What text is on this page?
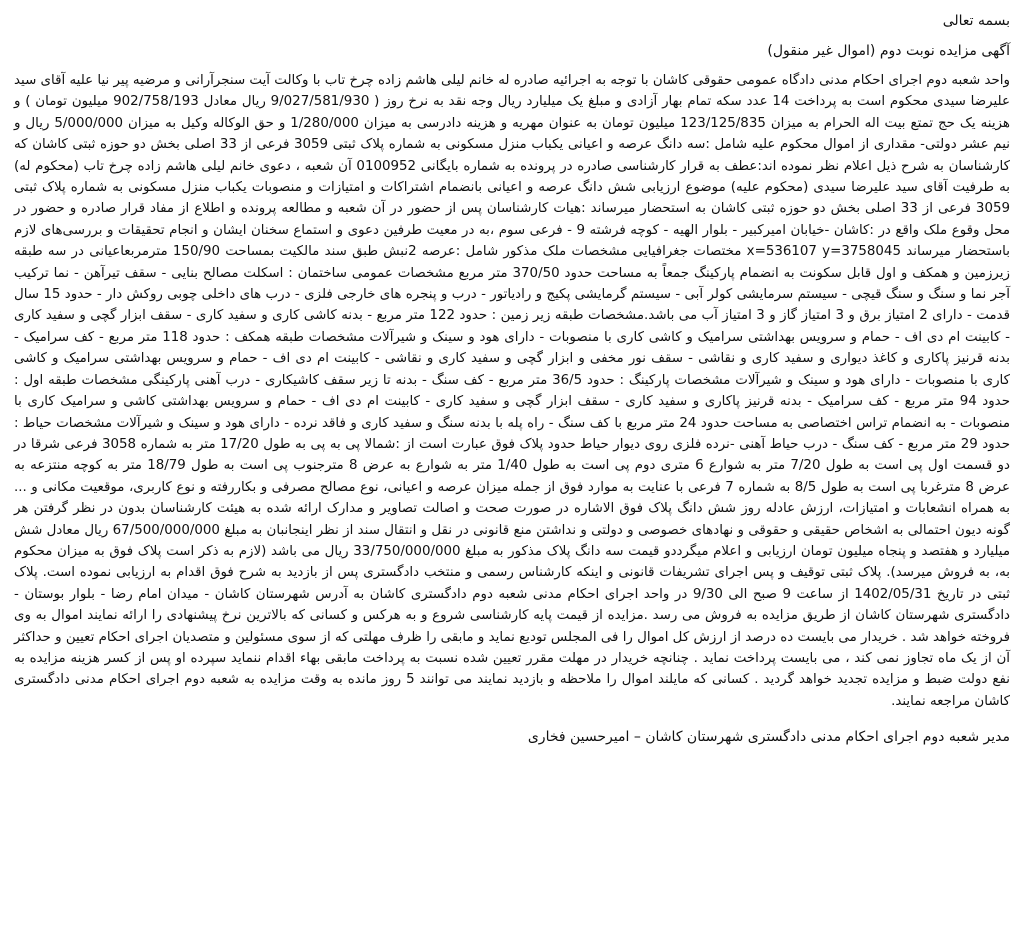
بسمه تعالی

آگهی مزایده نوبت دوم (اموال غیر منقول)

واحد شعبه دوم اجرای احکام مدنی دادگاه عمومی حقوقی کاشان با توجه به اجرائیه صادره له خانم لیلی هاشم زاده چرخ تاب با وکالت آیت سنجرآرانی و مرضیه پیر نیا علیه آقای سید علیرضا سیدی محکوم است به پرداخت 14 عدد سکه تمام بهار آزادی و مبلغ یک میلیارد ریال وجه نقد به نرخ روز ( 9/027/581/930 ریال معادل 902/758/193 میلیون تومان ) و هزینه یک حج تمتع بیت اله الحرام به میزان 123/125/835 میلیون تومان به عنوان مهریه و هزینه دادرسی به میزان 1/280/000 و حق الوکاله وکیل به میزان 5/000/000 ریال و نیم عشر دولتی- مقداری از اموال محکوم علیه شامل :سه دانگ عرصه و اعیانی یکباب منزل مسکونی به شماره پلاک ثبتی 3059 فرعی از 33 اصلی بخش دو حوزه ثبتی کاشان که کارشناسان به شرح ذیل اعلام نظر نموده اند:عطف به قرار کارشناسی صادره در پرونده به شماره بایگانی 0100952 آن شعبه ، دعوی خانم لیلی هاشم زاده چرخ تاب (محکوم له) به طرفیت آقای سید علیرضا سیدی (محکوم علیه) موضوع ارزیابی شش دانگ عرصه و اعیانی بانضمام اشتراکات و امتیازات و منصوبات یکباب منزل مسکونی به شماره پلاک ثبتی 3059 فرعی از 33 اصلی بخش دو حوزه ثبتی کاشان به استحضار میرساند :هیات کارشناسان پس از حضور در آن شعبه و مطالعه پرونده و اطلاع از مفاد قرار صادره و حضور در محل وقوع ملک واقع در :کاشان -خیابان امیرکبیر - بلوار الهیه - کوچه فرشته 9 - فرعی سوم ،به در معیت طرفین دعوی و استماع سخنان ایشان و انجام تحقیقات و بررسی‌های لازم باستحضار میرساند x=536107 y=3758045 مختصات جغرافیایی مشخصات ملک مذکور شامل :عرصه 2نبش طبق سند مالکیت بمساحت 150/90 مترمربعاعیانی در سه طبقه زیرزمین و همکف و اول قابل سکونت به انضمام پارکینگ جمعاً به مساحت حدود 370/50 متر مربع مشخصات عمومی ساختمان : اسکلت مصالح بنایی - سقف تیرآهن - نما ترکیب آجر نما و سنگ و سنگ قیچی - سیستم سرمایشی کولر آبی - سیستم گرمایشی پکیج و رادیاتور - درب و پنجره های خارجی فلزی - درب های داخلی چوبی روکش دار - حدود 15 سال قدمت - دارای 2 امتیاز برق و 3 امتیاز گاز و 3 امتیاز آب می باشد.مشخصات طبقه زیر زمین : حدود 122 متر مربع - بدنه کاشی کاری و سفید کاری - سقف ابزار گچی و سفید کاری - کابینت ام دی اف - حمام و سرویس بهداشتی سرامیک و کاشی کاری با منصوبات - دارای هود و سینک و شیرآلات مشخصات طبقه همکف : حدود 118 متر مربع - کف سرامیک - بدنه قرنیز پاکاری و کاغذ دیواری و سفید کاری و نقاشی - سقف نور مخفی و ابزار گچی و سفید کاری و نقاشی - کابینت ام دی اف - حمام و سرویس بهداشتی سرامیک و کاشی کاری با منصوبات - دارای هود و سینک و شیرآلات مشخصات پارکینگ : حدود 36/5 متر مربع - کف سنگ - بدنه تا زیر سقف کاشیکاری - درب آهنی پارکینگی مشخصات طبقه اول : حدود 94 متر مربع - کف سرامیک - بدنه قرنیز پاکاری و سفید کاری - سقف ابزار گچی و سفید کاری - کابینت ام دی اف - حمام و سرویس بهداشتی کاشی و سرامیک کاری با منصوبات - به انضمام تراس اختصاصی به مساحت حدود 24 متر مربع با کف سنگ - راه پله با بدنه سنگ و سفید کاری و فاقد نرده - دارای هود و سینک و شیرآلات مشخصات حیاط : حدود 29 متر مربع - کف سنگ - درب حیاط آهنی -نرده فلزی روی دیوار حیاط حدود پلاک فوق عبارت است از :شمالا پی به پی به طول 17/20 متر به شماره 3058 فرعی شرقا در دو قسمت اول پی است به طول 7/20 متر به شوارع 6 متری دوم پی است به طول 1/40 متر به شوارع به عرض 8 مترجنوب پی است به طول 18/79 متر به کوچه منتزعه به عرض 8 مترغربا پی است به طول 8/5 به شماره 7 فرعی با عنایت به موارد فوق از جمله میزان عرصه و اعیانی، نوع مصالح مصرفی و بکاررفته و نوع کاربری، موقعیت مکانی و ... به همراه انشعابات و امتیازات، ارزش عادله روز شش دانگ پلاک فوق الاشاره در صورت صحت و اصالت تصاویر و مدارک ارائه شده به هیئت کارشناسان بدون در نظر گرفتن هر گونه دیون احتمالی به اشخاص حقیقی و حقوقی و نهادهای خصوصی و دولتی و نداشتن منع قانونی در نقل و انتقال سند از نظر اینجانبان به مبلغ 67/500/000/000 ریال معادل شش میلیارد و هفتصد و پنجاه میلیون تومان ارزیابی و اعلام میگرددو قیمت سه دانگ پلاک مذکور به مبلغ 33/750/000/000 ریال می باشد (لازم به ذکر است پلاک فوق به میزان محکوم به، به فروش میرسد). پلاک ثبتی توقیف و پس اجرای تشریفات قانونی و اینکه کارشناس رسمی و منتخب دادگستری پس از بازدید به شرح فوق اقدام به ارزیابی نموده است. پلاک ثبتی در تاریخ 1402/05/31 از ساعت 9 صبح الی 9/30 در واحد اجرای احکام مدنی شعبه دوم دادگستری کاشان به آدرس شهرستان کاشان - میدان امام رضا - بلوار بوستان - دادگستری شهرستان کاشان از طریق مزایده به فروش می رسد .مزایده از قیمت پایه کارشناسی شروع و به هرکس و کسانی که بالاترین نرخ پیشنهادی را ارائه نمایند اموال به وی فروخته خواهد شد . خریدار می بایست ده درصد از ارزش کل اموال را فی المجلس تودیع نماید و مابقی را ظرف مهلتی که از سوی مسئولین و متصدیان اجرای احکام تعیین و حداکثر آن از یک ماه تجاوز نمی کند ، می بایست پرداخت نماید . چنانچه خریدار در مهلت مقرر تعیین شده نسبت به پرداخت مابقی بهاء اقدام ننماید سپرده او پس از کسر هزینه مزایده به نفع دولت ضبط و مزایده تجدید خواهد گردید . کسانی که مایلند اموال را ملاحظه و بازدید نمایند می توانند 5 روز مانده به وقت مزایده به شعبه دوم اجرای احکام مدنی دادگستری کاشان مراجعه نمایند.

مدیر شعبه دوم اجرای احکام مدنی دادگستری شهرستان کاشان – امیرحسین فخاری
